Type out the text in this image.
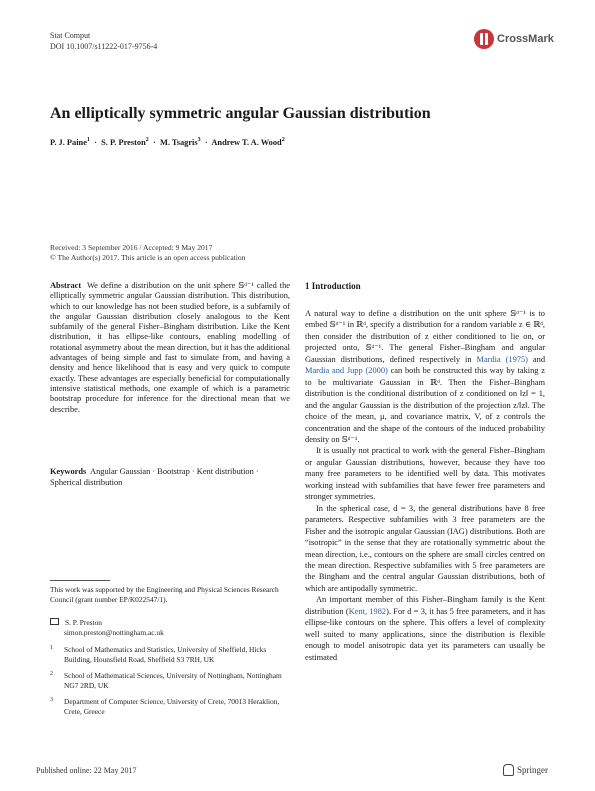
Stat Comput
DOI 10.1007/s11222-017-9756-4
CrossMark
An elliptically symmetric angular Gaussian distribution
P. J. Paine$^1$  ·  S. P. Preston$^2$  ·  M. Tsagris$^3$  ·  Andrew T. A. Wood$^2$
Received: 3 September 2016 / Accepted: 9 May 2017
© The Author(s) 2017. This article is an open access publication
Abstract We define a distribution on the unit sphere 𝕊ᵈ⁻¹ called the elliptically symmetric angular Gaussian distribution. This distribution, which to our knowledge has not been studied before, is a subfamily of the angular Gaussian distribution closely analogous to the Kent subfamily of the general Fisher–Bingham distribution. Like the Kent distribution, it has ellipse-like contours, enabling modelling of rotational asymmetry about the mean direction, but it has the additional advantages of being simple and fast to simulate from, and having a density and hence likelihood that is easy and very quick to compute exactly. These advantages are especially beneficial for computationally intensive statistical methods, one example of which is a parametric bootstrap procedure for inference for the directional mean that we describe.
Keywords Angular Gaussian · Bootstrap · Kent distribution · Spherical distribution
This work was supported by the Engineering and Physical Sciences Research Council (grant number EP/K022547/1).
S. P. Preston
simon.preston@nottingham.ac.uk
1 School of Mathematics and Statistics, University of Sheffield, Hicks Building, Hounsfield Road, Sheffield S3 7RH, UK
2 School of Mathematical Sciences, University of Nottingham, Nottingham NG7 2RD, UK
3 Department of Computer Science, University of Crete, 70013 Heraklion, Crete, Greece
1 Introduction

A natural way to define a distribution on the unit sphere 𝕊ᵈ⁻¹ is to embed 𝕊ᵈ⁻¹ in ℝᵈ, specify a distribution for a random variable z ∈ ℝᵈ, then consider the distribution of z either conditioned to lie on, or projected onto, 𝕊ᵈ⁻¹. The general Fisher–Bingham and angular Gaussian distributions, defined respectively in Mardia (1975) and Mardia and Jupp (2000) can both be constructed this way by taking z to be multivariate Gaussian in ℝᵈ. Then the Fisher–Bingham distribution is the conditional distribution of z conditioned on ‖z‖ = 1, and the angular Gaussian is the distribution of the projection z/‖z‖. The choice of the mean, μ, and covariance matrix, V, of z controls the concentration and the shape of the contours of the induced probability density on 𝕊ᵈ⁻¹.

It is usually not practical to work with the general Fisher–Bingham or angular Gaussian distributions, however, because they have too many free parameters to be identified well by data. This motivates working instead with subfamilies that have fewer free parameters and stronger symmetries.

In the spherical case, d = 3, the general distributions have 8 free parameters. Respective subfamilies with 3 free parameters are the Fisher and the isotropic angular Gaussian (IAG) distributions. Both are “isotropic” in the sense that they are rotationally symmetric about the mean direction, i.e., contours on the sphere are small circles centred on the mean direction. Respective subfamilies with 5 free parameters are the Bingham and the central angular Gaussian distributions, both of which are antipodally symmetric.

An important member of this Fisher–Bingham family is the Kent distribution (Kent, 1982). For d = 3, it has 5 free parameters, and it has ellipse-like contours on the sphere. This offers a level of complexity well suited to many applications, since the distribution is flexible enough to model anisotropic data yet its parameters can usually be estimated

Published online: 22 May 2017	Springer
